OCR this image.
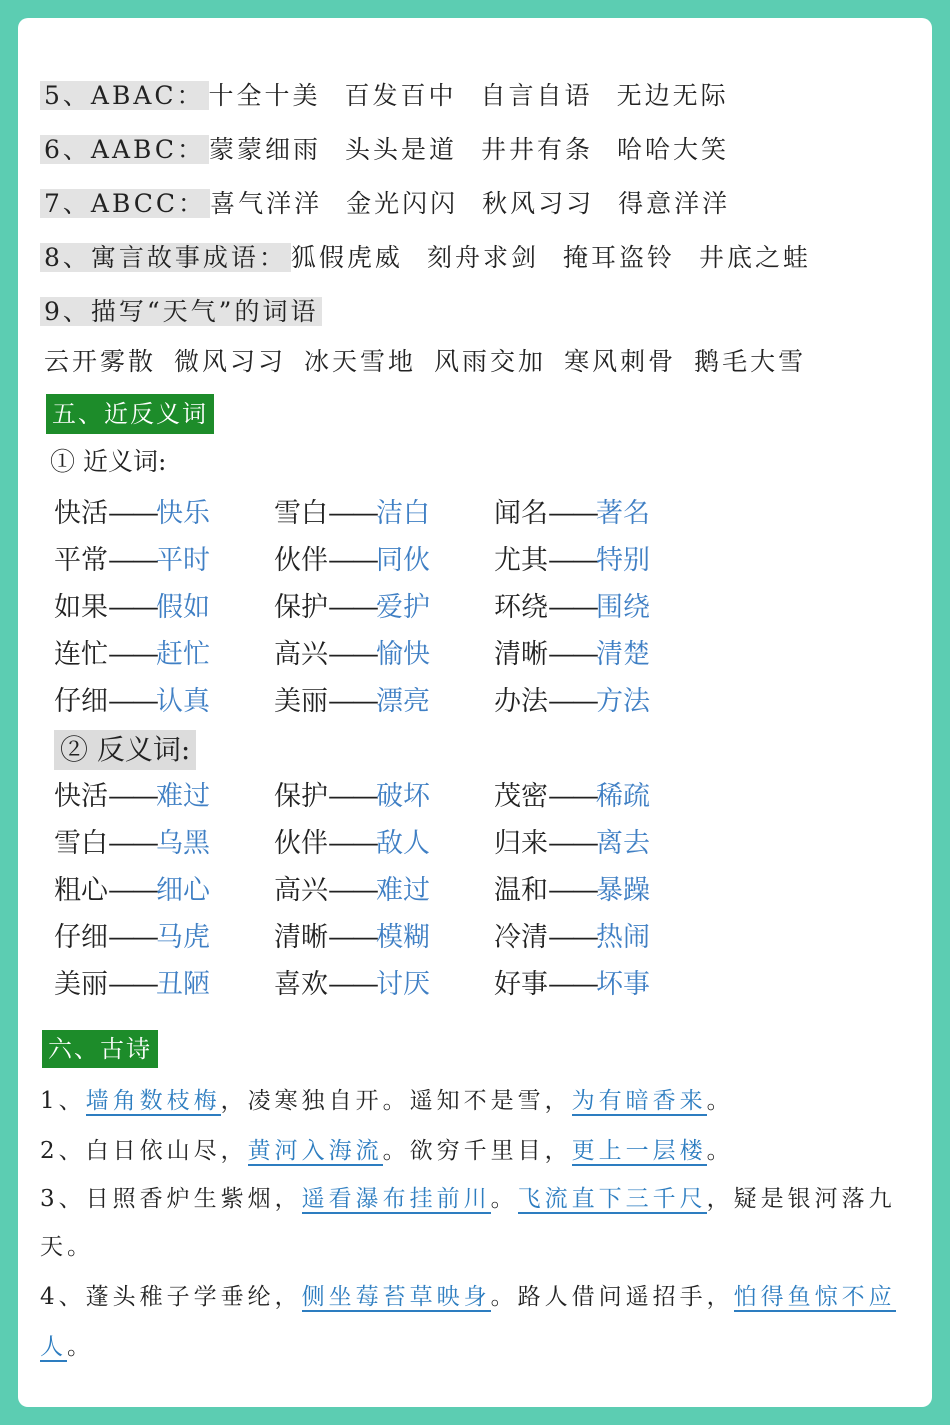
5、ABAC： 十全十美 百发百中 自言自语 无边无际
6、AABC： 蒙蒙细雨 头头是道 井井有条 哈哈大笑
7、ABCC： 喜气洋洋 金光闪闪 秋风习习 得意洋洋
8、寓言故事成语： 狐假虎威 刻舟求剑 掩耳盗铃 井底之蛙
9、描写“天气”的词语
云开雾散 微风习习 冰天雪地 风雨交加 寒风刺骨 鹅毛大雪
五、近反义词
① 近义词:
快活——快乐 雪白——洁白 闻名——著名
平常——平时 伙伴——同伙 尤其——特别
如果——假如 保护——爱护 环绕——围绕
连忙——赶忙 高兴——愉快 清晰——清楚
仔细——认真 美丽——漂亮 办法——方法
② 反义词:
快活——难过 保护——破坏 茂密——稀疏
雪白——乌黑 伙伴——敌人 归来——离去
粗心——细心 高兴——难过 温和——暴躁
仔细——马虎 清晰——模糊 冷清——热闹
美丽——丑陋 喜欢——讨厌 好事——坏事
六、古诗
1、墙角数枝梅，凌寒独自开。遥知不是雪，为有暗香来。
2、白日依山尽，黄河入海流。欲穷千里目，更上一层楼。
3、日照香炉生紫烟，遥看瀑布挂前川。飞流直下三千尺，疑是银河落九
天。
4、蓬头稚子学垂纶，侧坐莓苔草映身。路人借问遥招手，怕得鱼惊不应
人。
